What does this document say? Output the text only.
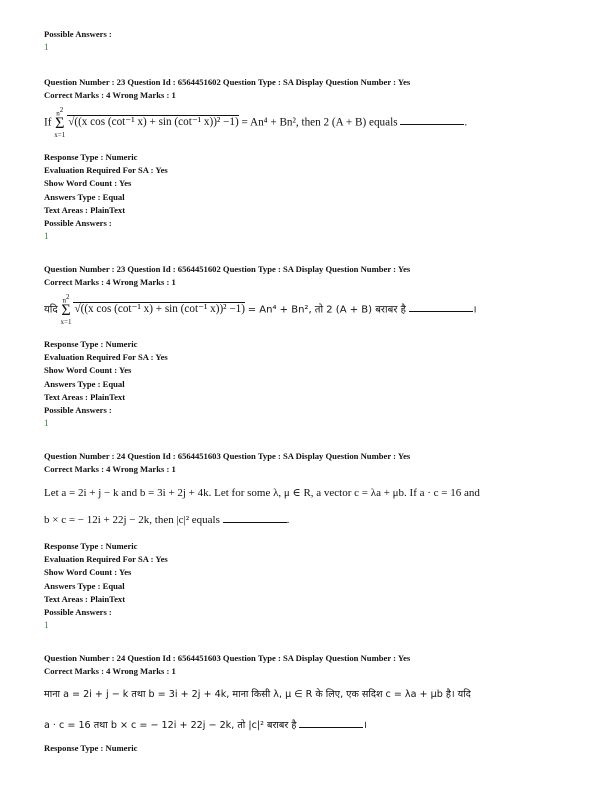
Possible Answers :
1
Question Number : 23 Question Id : 6564451602 Question Type : SA Display Question Number : Yes
Correct Marks : 4 Wrong Marks : 1
If n2
Σ
x=1√((x cos (cot⁻¹ x) + sin (cot⁻¹ x))² −1) = An⁴ + Bn², then 2 (A + B) equals	.
Response Type : Numeric
Evaluation Required For SA : Yes
Show Word Count : Yes
Answers Type : Equal
Text Areas : PlainText
Possible Answers :
1
Question Number : 23 Question Id : 6564451602 Question Type : SA Display Question Number : Yes
Correct Marks : 4 Wrong Marks : 1
यदि n2
Σ
x=1√((x cos (cot⁻¹ x) + sin (cot⁻¹ x))² −1) = An⁴ + Bn², तो 2 (A + B) बराबर है	।
Response Type : Numeric
Evaluation Required For SA : Yes
Show Word Count : Yes
Answers Type : Equal
Text Areas : PlainText
Possible Answers :
1
Question Number : 24 Question Id : 6564451603 Question Type : SA Display Question Number : Yes
Correct Marks : 4 Wrong Marks : 1
Let a = 2i + j − k and b = 3i + 2j + 4k. Let for some λ, μ ∈ R, a vector c = λa + μb. If a · c = 16 and
b × c = − 12i + 22j − 2k, then |c|² equals	.
Response Type : Numeric
Evaluation Required For SA : Yes
Show Word Count : Yes
Answers Type : Equal
Text Areas : PlainText
Possible Answers :
1
Question Number : 24 Question Id : 6564451603 Question Type : SA Display Question Number : Yes
Correct Marks : 4 Wrong Marks : 1
माना a = 2i + j − k तथा b = 3i + 2j + 4k, माना किसी λ, μ ∈ R के लिए, एक सदिश c = λa + μb है। यदि
a · c = 16 तथा b × c = − 12i + 22j − 2k, तो |c|² बराबर है	।
Response Type : Numeric
